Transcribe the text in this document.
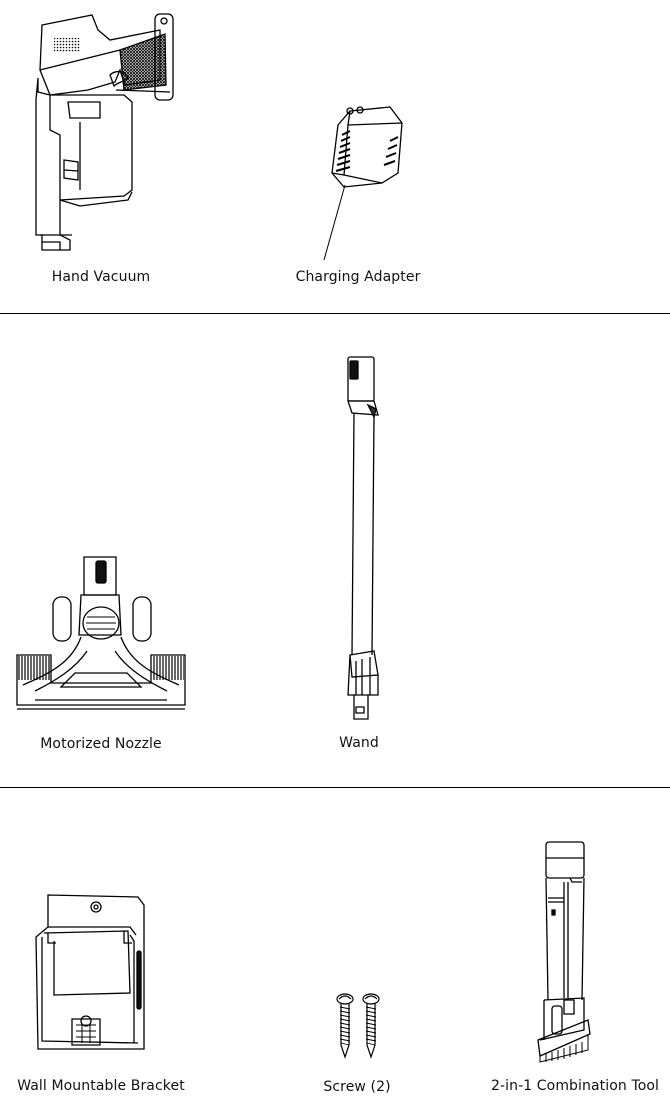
Hand Vacuum	Charging Adapter
Motorized Nozzle	Wand
Wall Mountable Bracket	Screw (2)	2-in-1 Combination Tool
